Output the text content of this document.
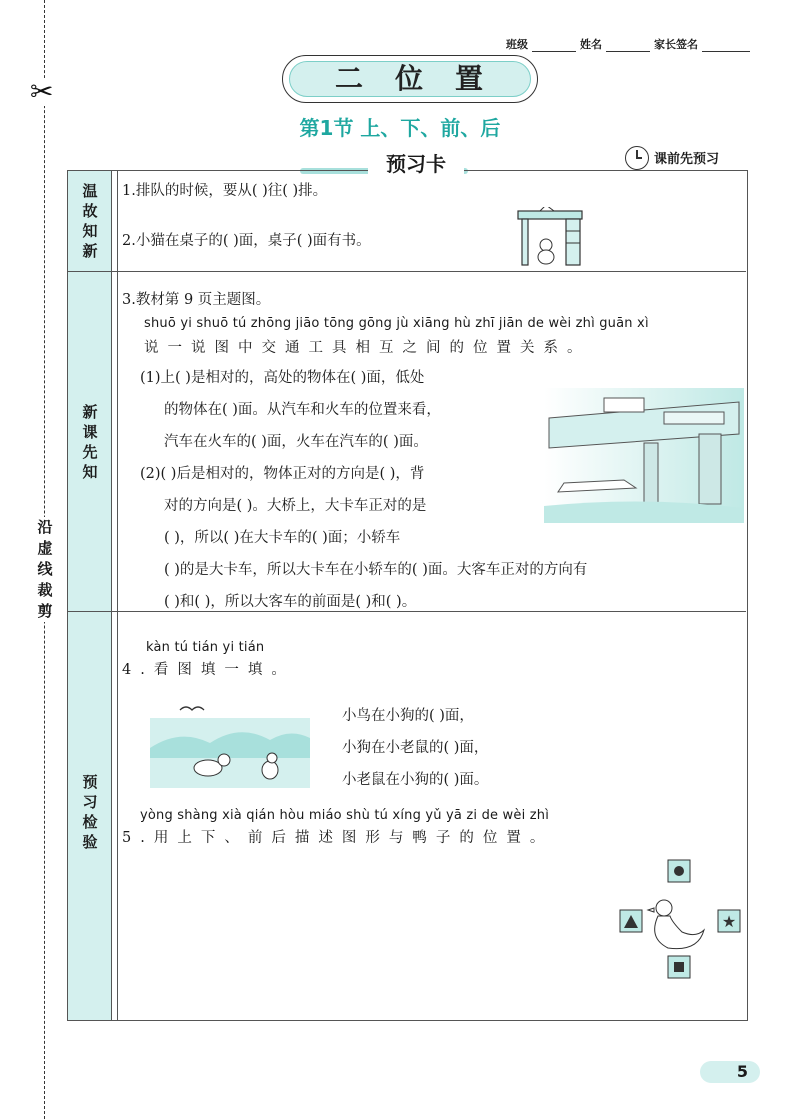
✂
沿虚线裁剪
班级	姓名	家长签名
二位置
第1节 上、下、前、后
预习卡	课前先预习
温
故
知
新
1.排队的时候，要从( )往( )排。
2.小猫在桌子的( )面，桌子( )面有书。
新
课
先
知
3.教材第 9 页主题图。
shuō yi shuō tú zhōng jiāo tōng gōng jù xiāng hù zhī jiān de wèi zhì guān xì
说一说图中交通工具相互之间的位置关系。
(1)上( )是相对的，高处的物体在( )面，低处
的物体在( )面。从汽车和火车的位置来看，
汽车在火车的( )面，火车在汽车的( )面。
(2)( )后是相对的，物体正对的方向是( )，背
对的方向是( )。大桥上，大卡车正对的是
( )，所以( )在大卡车的( )面；小轿车
( )的是大卡车，所以大卡车在小轿车的( )面。大客车正对的方向有
( )和( )，所以大客车的前面是( )和( )。
预
习
检
验
kàn tú tián yi tián
4.看图填一填。
小鸟在小狗的( )面，
小狗在小老鼠的( )面，
小老鼠在小狗的( )面。
yòng shàng xià qián hòu miáo shù tú xíng yǔ yā zi de wèi zhì
5.用上下、前后描述图形与鸭子的位置。
★
5
